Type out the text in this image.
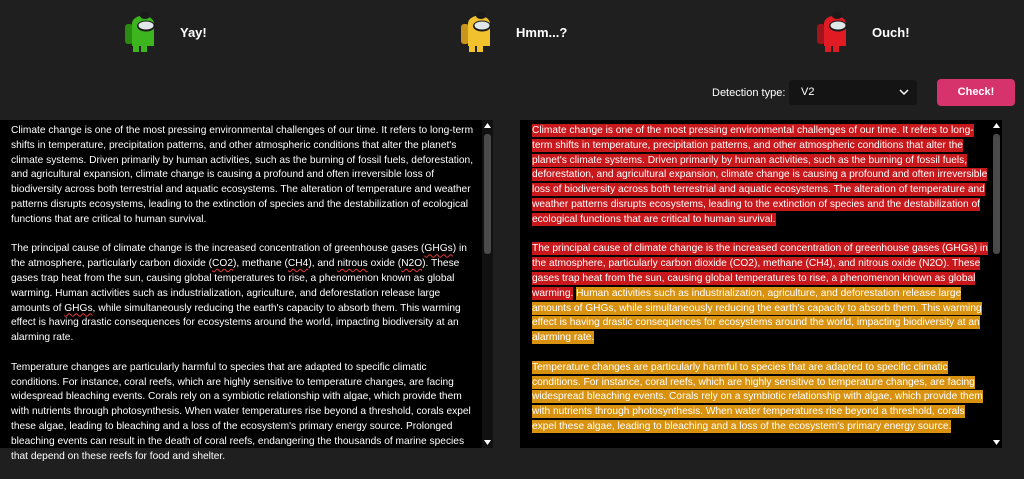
Yay!	Hmm...?	Ouch!
Detection type:	V2	Check!

Climate change is one of the most pressing environmental challenges of our time. It refers to long-term shifts in temperature, precipitation patterns, and other atmospheric conditions that alter the planet's climate systems. Driven primarily by human activities, such as the burning of fossil fuels, deforestation, and agricultural expansion, climate change is causing a profound and often irreversible loss of biodiversity across both terrestrial and aquatic ecosystems. The alteration of temperature and weather patterns disrupts ecosystems, leading to the extinction of species and the destabilization of ecological functions that are critical to human survival.

The principal cause of climate change is the increased concentration of greenhouse gases (GHGs) in the atmosphere, particularly carbon dioxide (CO2), methane (CH4), and nitrous oxide (N2O). These gases trap heat from the sun, causing global temperatures to rise, a phenomenon known as global warming. Human activities such as industrialization, agriculture, and deforestation release large amounts of GHGs, while simultaneously reducing the earth's capacity to absorb them. This warming effect is having drastic consequences for ecosystems around the world, impacting biodiversity at an alarming rate.

Temperature changes are particularly harmful to species that are adapted to specific climatic conditions. For instance, coral reefs, which are highly sensitive to temperature changes, are facing widespread bleaching events. Corals rely on a symbiotic relationship with algae, which provide them with nutrients through photosynthesis. When water temperatures rise beyond a threshold, corals expel these algae, leading to bleaching and a loss of the ecosystem's primary energy source. Prolonged bleaching events can result in the death of coral reefs, endangering the thousands of marine species that depend on these reefs for food and shelter.

Climate change is one of the most pressing environmental challenges of our time. It refers to long-term shifts in temperature, precipitation patterns, and other atmospheric conditions that alter the planet's climate systems. Driven primarily by human activities, such as the burning of fossil fuels, deforestation, and agricultural expansion, climate change is causing a profound and often irreversible loss of biodiversity across both terrestrial and aquatic ecosystems. The alteration of temperature and weather patterns disrupts ecosystems, leading to the extinction of species and the destabilization of ecological functions that are critical to human survival.

The principal cause of climate change is the increased concentration of greenhouse gases (GHGs) in the atmosphere, particularly carbon dioxide (CO2), methane (CH4), and nitrous oxide (N2O). These gases trap heat from the sun, causing global temperatures to rise, a phenomenon known as global warming. Human activities such as industrialization, agriculture, and deforestation release large amounts of GHGs, while simultaneously reducing the earth's capacity to absorb them. This warming effect is having drastic consequences for ecosystems around the world, impacting biodiversity at an alarming rate.

Temperature changes are particularly harmful to species that are adapted to specific climatic conditions. For instance, coral reefs, which are highly sensitive to temperature changes, are facing widespread bleaching events. Corals rely on a symbiotic relationship with algae, which provide them with nutrients through photosynthesis. When water temperatures rise beyond a threshold, corals expel these algae, leading to bleaching and a loss of the ecosystem's primary energy source.
